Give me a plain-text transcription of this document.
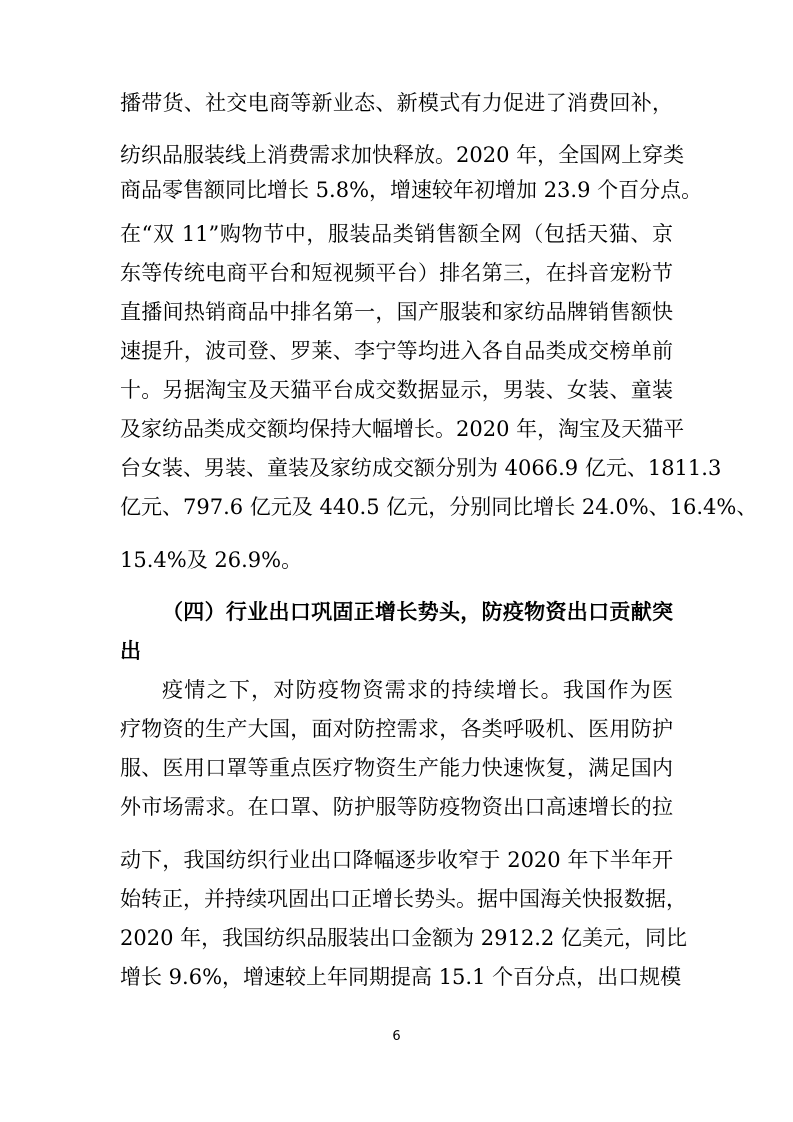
播带货、社交电商等新业态、新模式有力促进了消费回补，
纺织品服装线上消费需求加快释放。2020 年，全国网上穿类
商品零售额同比增长 5.8%，增速较年初增加 23.9 个百分点。
在“双 11”购物节中，服装品类销售额全网（包括天猫、京
东等传统电商平台和短视频平台）排名第三，在抖音宠粉节
直播间热销商品中排名第一，国产服装和家纺品牌销售额快
速提升，波司登、罗莱、李宁等均进入各自品类成交榜单前
十。另据淘宝及天猫平台成交数据显示，男装、女装、童装
及家纺品类成交额均保持大幅增长。2020 年，淘宝及天猫平
台女装、男装、童装及家纺成交额分别为 4066.9 亿元、1811.3
亿元、797.6 亿元及 440.5 亿元，分别同比增长 24.0%、16.4%、
15.4%及 26.9%。
（四）行业出口巩固正增长势头，防疫物资出口贡献突
出
疫情之下，对防疫物资需求的持续增长。我国作为医
疗物资的生产大国，面对防控需求，各类呼吸机、医用防护
服、医用口罩等重点医疗物资生产能力快速恢复，满足国内
外市场需求。在口罩、防护服等防疫物资出口高速增长的拉
动下，我国纺织行业出口降幅逐步收窄于 2020 年下半年开
始转正，并持续巩固出口正增长势头。据中国海关快报数据，
2020 年，我国纺织品服装出口金额为 2912.2 亿美元，同比
增长 9.6%，增速较上年同期提高 15.1 个百分点，出口规模
6
